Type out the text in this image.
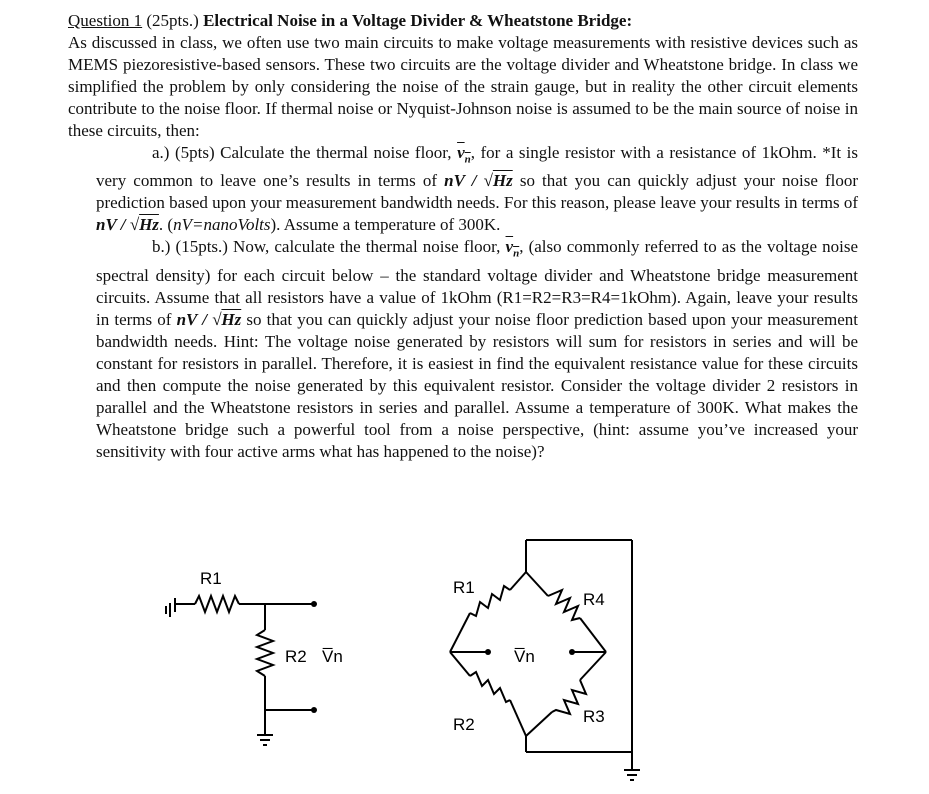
Question 1 (25pts.) Electrical Noise in a Voltage Divider & Wheatstone Bridge:

As discussed in class, we often use two main circuits to make voltage measurements with resistive devices such as MEMS piezoresistive-based sensors. These two circuits are the voltage divider and Wheatstone bridge. In class we simplified the problem by only considering the noise of the strain gauge, but in reality the other circuit elements contribute to the noise floor. If thermal noise or Nyquist-Johnson noise is assumed to be the main source of noise in these circuits, then:

a.) (5pts) Calculate the thermal noise floor, $v_n$, for a single resistor with a resistance of 1kOhm. *It is very common to leave one’s results in terms of nV / √Hz so that you can quickly adjust your noise floor prediction based upon your measurement bandwidth needs. For this reason, please leave your results in terms of nV / √Hz. (nV=nanoVolts). Assume a temperature of 300K.

b.) (15pts.) Now, calculate the thermal noise floor, $v_n$, (also commonly referred to as the voltage noise spectral density) for each circuit below – the standard voltage divider and Wheatstone bridge measurement circuits. Assume that all resistors have a value of 1kOhm (R1=R2=R3=R4=1kOhm). Again, leave your results in terms of nV / √Hz so that you can quickly adjust your noise floor prediction based upon your measurement bandwidth needs. Hint: The voltage noise generated by resistors will sum for resistors in series and will be constant for resistors in parallel. Therefore, it is easiest in find the equivalent resistance value for these circuits and then compute the noise generated by this equivalent resistor. Consider the voltage divider 2 resistors in parallel and the Wheatstone resistors in series and parallel. Assume a temperature of 300K. What makes the Wheatstone bridge such a powerful tool from a noise perspective, (hint: assume you’ve increased your sensitivity with four active arms what has happened to the noise)?

R1
R2 V̅n
R1
R2	R3
R4
V̅n
